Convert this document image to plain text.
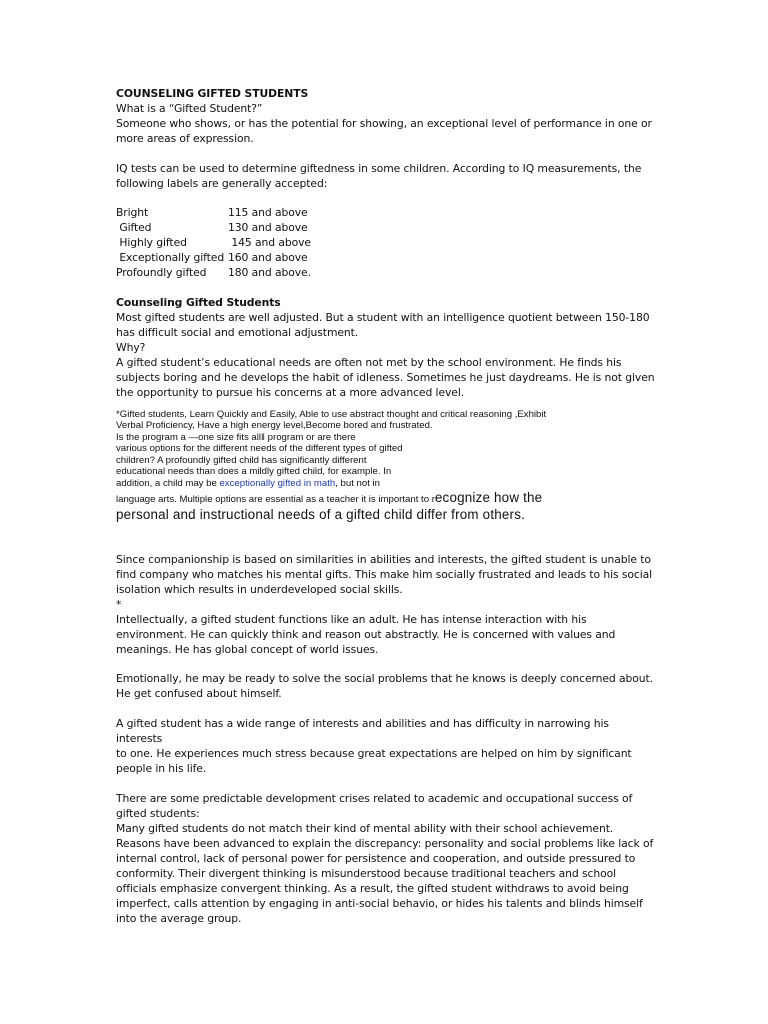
COUNSELING GIFTED STUDENTS

What is a “Gifted Student?”

Someone who shows, or has the potential for showing, an exceptional level of performance in one or

more areas of expression.

IQ tests can be used to determine giftedness in some children. According to IQ measurements, the

following labels are generally accepted:

Bright	115 and above
Gifted	130 and above
Highly gifted	145 and above
Exceptionally gifted	160 and above
Profoundly gifted	180 and above.

Counseling Gifted Students

Most gifted students are well adjusted. But a student with an intelligence quotient between 150-180

has difficult social and emotional adjustment.

Why?

A gifted student’s educational needs are often not met by the school environment. He finds his

subjects boring and he develops the habit of idleness. Sometimes he just daydreams. He is not given

the opportunity to pursue his concerns at a more advanced level.

*Gifted students, Learn Quickly and Easily, Able to use abstract thought and critical reasoning ,Exhibit

Verbal Proficiency, Have a high energy level,Become bored and frustrated.

Is the program a ―one size fits all‖ program or are there

various options for the different needs of the different types of gifted

children? A profoundly gifted child has significantly different

educational needs than does a mildly gifted child, for example. In

addition, a child may be exceptionally gifted in math, but not in

language arts. Multiple options are essential as a teacher it is important to recognize how the

personal and instructional needs of a gifted child differ from others.

Since companionship is based on similarities in abilities and interests, the gifted student is unable to

find company who matches his mental gifts. This make him socially frustrated and leads to his social

isolation which results in underdeveloped social skills.

*

Intellectually, a gifted student functions like an adult. He has intense interaction with his

environment. He can quickly think and reason out abstractly. He is concerned with values and

meanings. He has global concept of world issues.

Emotionally, he may be ready to solve the social problems that he knows is deeply concerned about.

He get confused about himself.

A gifted student has a wide range of interests and abilities and has difficulty in narrowing his interests

to one. He experiences much stress because great expectations are helped on him by significant

people in his life.

There are some predictable development crises related to academic and occupational success of

gifted students:

Many gifted students do not match their kind of mental ability with their school achievement.

Reasons have been advanced to explain the discrepancy: personality and social problems like lack of

internal control, lack of personal power for persistence and cooperation, and outside pressured to

conformity. Their divergent thinking is misunderstood because traditional teachers and school

officials emphasize convergent thinking. As a result, the gifted student withdraws to avoid being

imperfect, calls attention by engaging in anti-social behavio, or hides his talents and blinds himself

into the average group.
